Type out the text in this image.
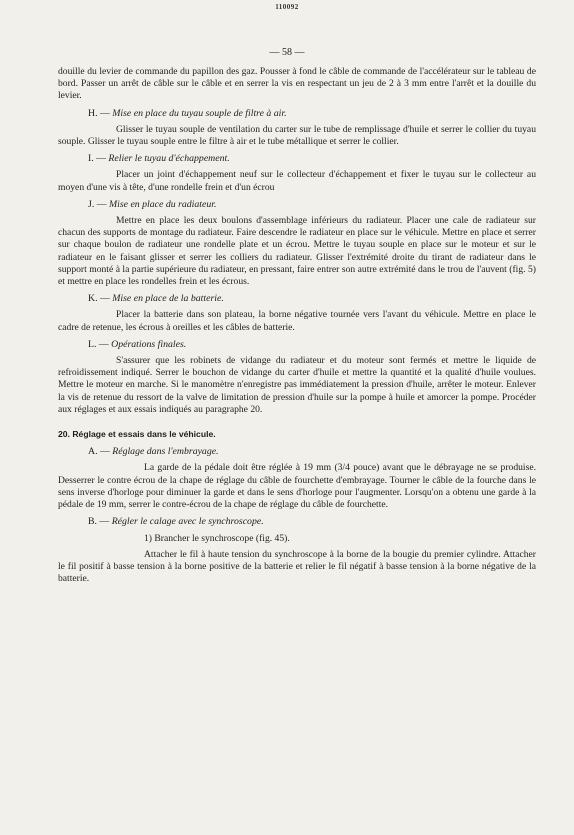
110092
— 58 —

douille du levier de commande du papillon des gaz. Pousser à fond le câble de commande de l'accélérateur sur le tableau de bord. Passer un arrêt de câble sur le câble et en serrer la vis en respectant un jeu de 2 à 3 mm entre l'arrêt et la douille du levier.

H. — Mise en place du tuyau souple de filtre à air.

Glisser le tuyau souple de ventilation du carter sur le tube de remplissage d'huile et serrer le collier du tuyau souple. Glisser le tuyau souple entre le filtre à air et le tube métallique et serrer le collier.

I. — Relier le tuyau d'échappement.

Placer un joint d'échappement neuf sur le collecteur d'échappement et fixer le tuyau sur le collecteur au moyen d'une vis à tête, d'une rondelle frein et d'un écrou

J. — Mise en place du radiateur.

Mettre en place les deux boulons d'assemblage inférieurs du radiateur. Placer une cale de radiateur sur chacun des supports de montage du radiateur. Faire descendre le radiateur en place sur le véhicule. Mettre en place et serrer sur chaque boulon de radiateur une rondelle plate et un écrou. Mettre le tuyau souple en place sur le moteur et sur le radiateur en le faisant glisser et serrer les colliers du radiateur. Glisser l'extrémité droite du tirant de radiateur dans le support monté à la partie supérieure du radiateur, en pressant, faire entrer son autre extrémité dans le trou de l'auvent (fig. 5) et mettre en place les rondelles frein et les écrous.

K. — Mise en place de la batterie.

Placer la batterie dans son plateau, la borne négative tournée vers l'avant du véhicule. Mettre en place le cadre de retenue, les écrous à oreilles et les câbles de batterie.

L. — Opérations finales.

S'assurer que les robinets de vidange du radiateur et du moteur sont fermés et mettre le liquide de refroidissement indiqué. Serrer le bouchon de vidange du carter d'huile et mettre la quantité et la qualité d'huile voulues. Mettre le moteur en marche. Si le manomètre n'enregistre pas immédiatement la pression d'huile, arrêter le moteur. Enlever la vis de retenue du ressort de la valve de limitation de pression d'huile sur la pompe à huile et amorcer la pompe. Procéder aux réglages et aux essais indiqués au paragraphe 20.

20. Réglage et essais dans le véhicule.

A. — Réglage dans l'embrayage.

La garde de la pédale doit être réglée à 19 mm (3/4 pouce) avant que le débrayage ne se produise. Desserrer le contre écrou de la chape de réglage du câble de fourchette d'embrayage. Tourner le câble de la fourche dans le sens inverse d'horloge pour diminuer la garde et dans le sens d'horloge pour l'augmenter. Lorsqu'on a obtenu une garde à la pédale de 19 mm, serrer le contre-écrou de la chape de réglage du câble de fourchette.

B. — Régler le calage avec le synchroscope.

1) Brancher le synchroscope (fig. 45).

Attacher le fil à haute tension du synchroscope à la borne de la bougie du premier cylindre. Attacher le fil positif à basse tension à la borne positive de la batterie et relier le fil négatif à basse tension à la borne négative de la batterie.
